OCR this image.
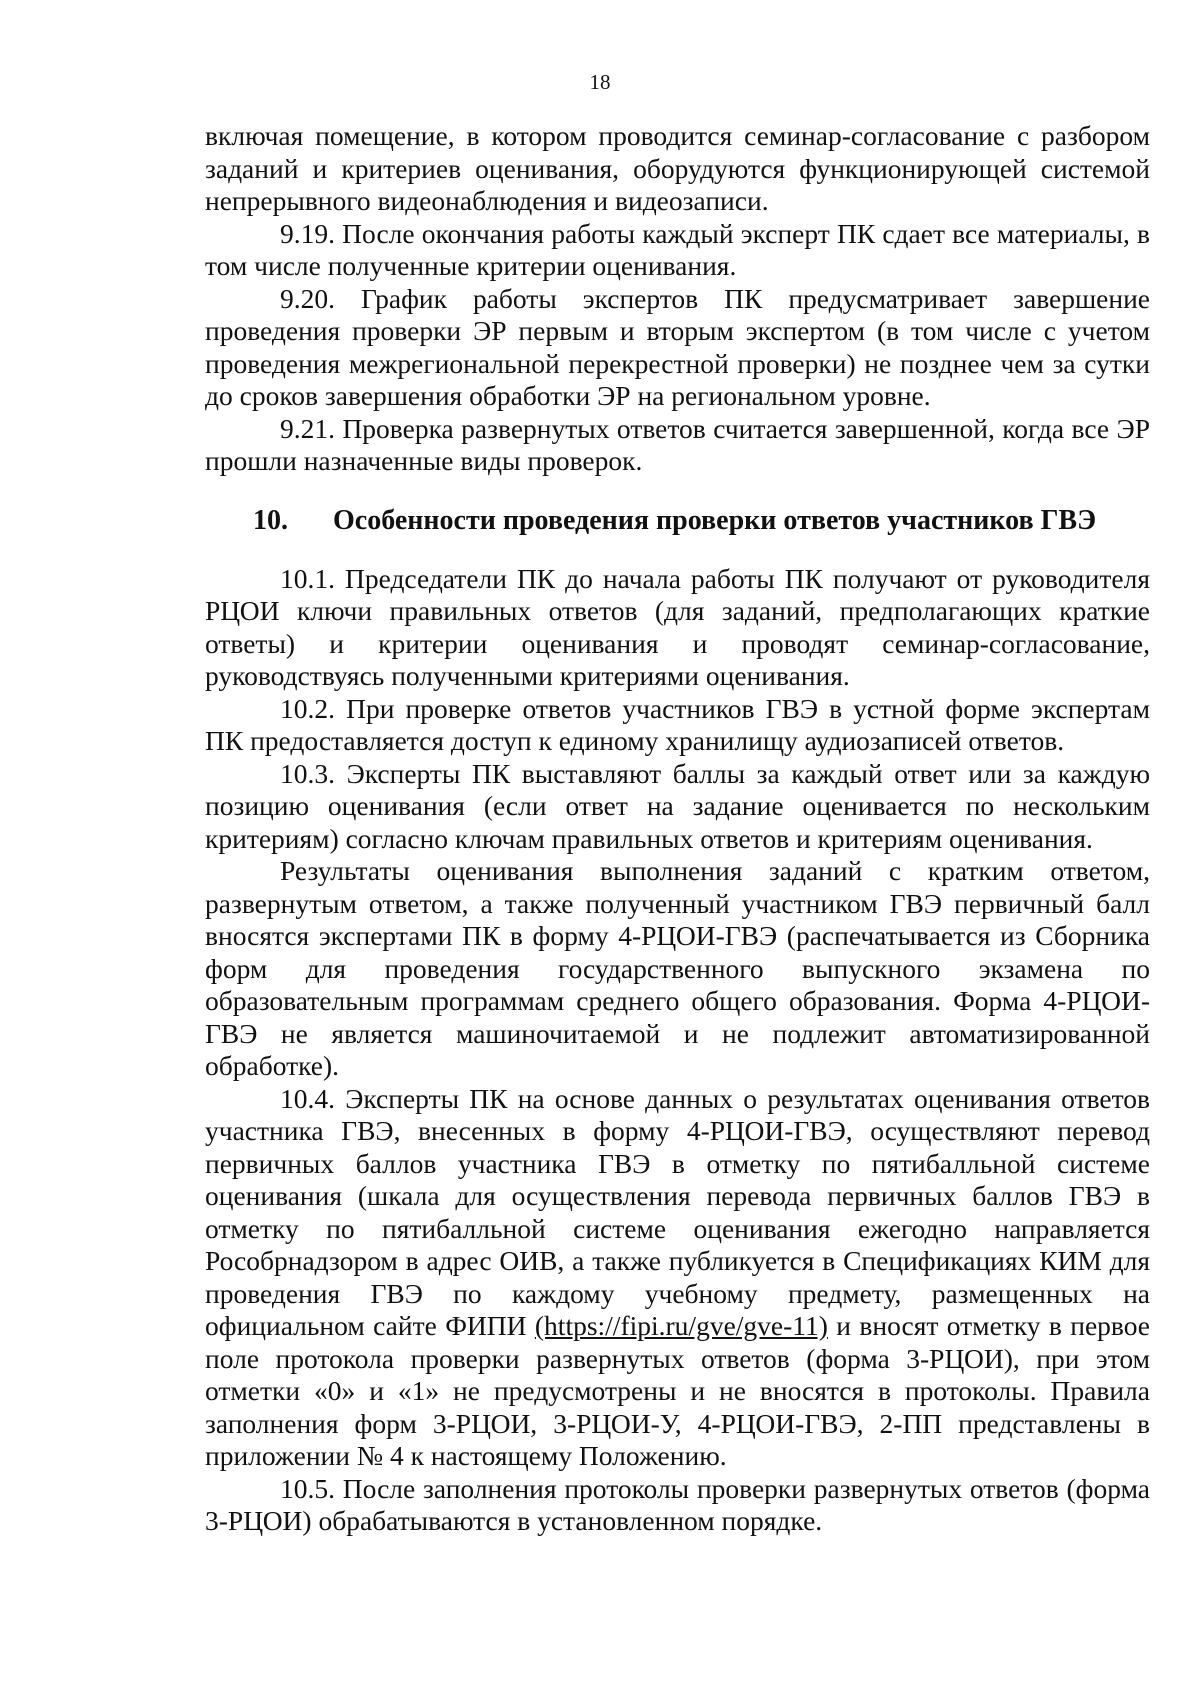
18

включая помещение, в котором проводится семинар-согласование с разбором заданий и критериев оценивания, оборудуются функционирующей системой непрерывного видеонаблюдения и видеозаписи.

9.19. После окончания работы каждый эксперт ПК сдает все материалы, в том числе полученные критерии оценивания.

9.20. График работы экспертов ПК предусматривает завершение проведения проверки ЭР первым и вторым экспертом (в том числе с учетом проведения межрегиональной перекрестной проверки) не позднее чем за сутки до сроков завершения обработки ЭР на региональном уровне.

9.21. Проверка развернутых ответов считается завершенной, когда все ЭР прошли назначенные виды проверок.

10. Особенности проведения проверки ответов участников ГВЭ

10.1. Председатели ПК до начала работы ПК получают от руководителя РЦОИ ключи правильных ответов (для заданий, предполагающих краткие ответы) и критерии оценивания и проводят семинар-согласование, руководствуясь полученными критериями оценивания.

10.2. При проверке ответов участников ГВЭ в устной форме экспертам ПК предоставляется доступ к единому хранилищу аудиозаписей ответов.

10.3. Эксперты ПК выставляют баллы за каждый ответ или за каждую позицию оценивания (если ответ на задание оценивается по нескольким критериям) согласно ключам правильных ответов и критериям оценивания.

Результаты оценивания выполнения заданий с кратким ответом, развернутым ответом, а также полученный участником ГВЭ первичный балл вносятся экспертами ПК в форму 4-РЦОИ-ГВЭ (распечатывается из Сборника форм для проведения государственного выпускного экзамена по образовательным программам среднего общего образования. Форма 4-РЦОИ-ГВЭ не является машиночитаемой и не подлежит автоматизированной обработке).

10.4. Эксперты ПК на основе данных о результатах оценивания ответов участника ГВЭ, внесенных в форму 4-РЦОИ-ГВЭ, осуществляют перевод первичных баллов участника ГВЭ в отметку по пятибалльной системе оценивания (шкала для осуществления перевода первичных баллов ГВЭ в отметку по пятибалльной системе оценивания ежегодно направляется Рособрнадзором в адрес ОИВ, а также публикуется в Спецификациях КИМ для проведения ГВЭ по каждому учебному предмету, размещенных на официальном сайте ФИПИ (https://fipi.ru/gve/gve-11) и вносят отметку в первое поле протокола проверки развернутых ответов (форма 3-РЦОИ), при этом отметки «0» и «1» не предусмотрены и не вносятся в протоколы. Правила заполнения форм 3-РЦОИ, 3-РЦОИ-У, 4-РЦОИ-ГВЭ, 2-ПП представлены в приложении № 4 к настоящему Положению.

10.5. После заполнения протоколы проверки развернутых ответов (форма 3-РЦОИ) обрабатываются в установленном порядке.
